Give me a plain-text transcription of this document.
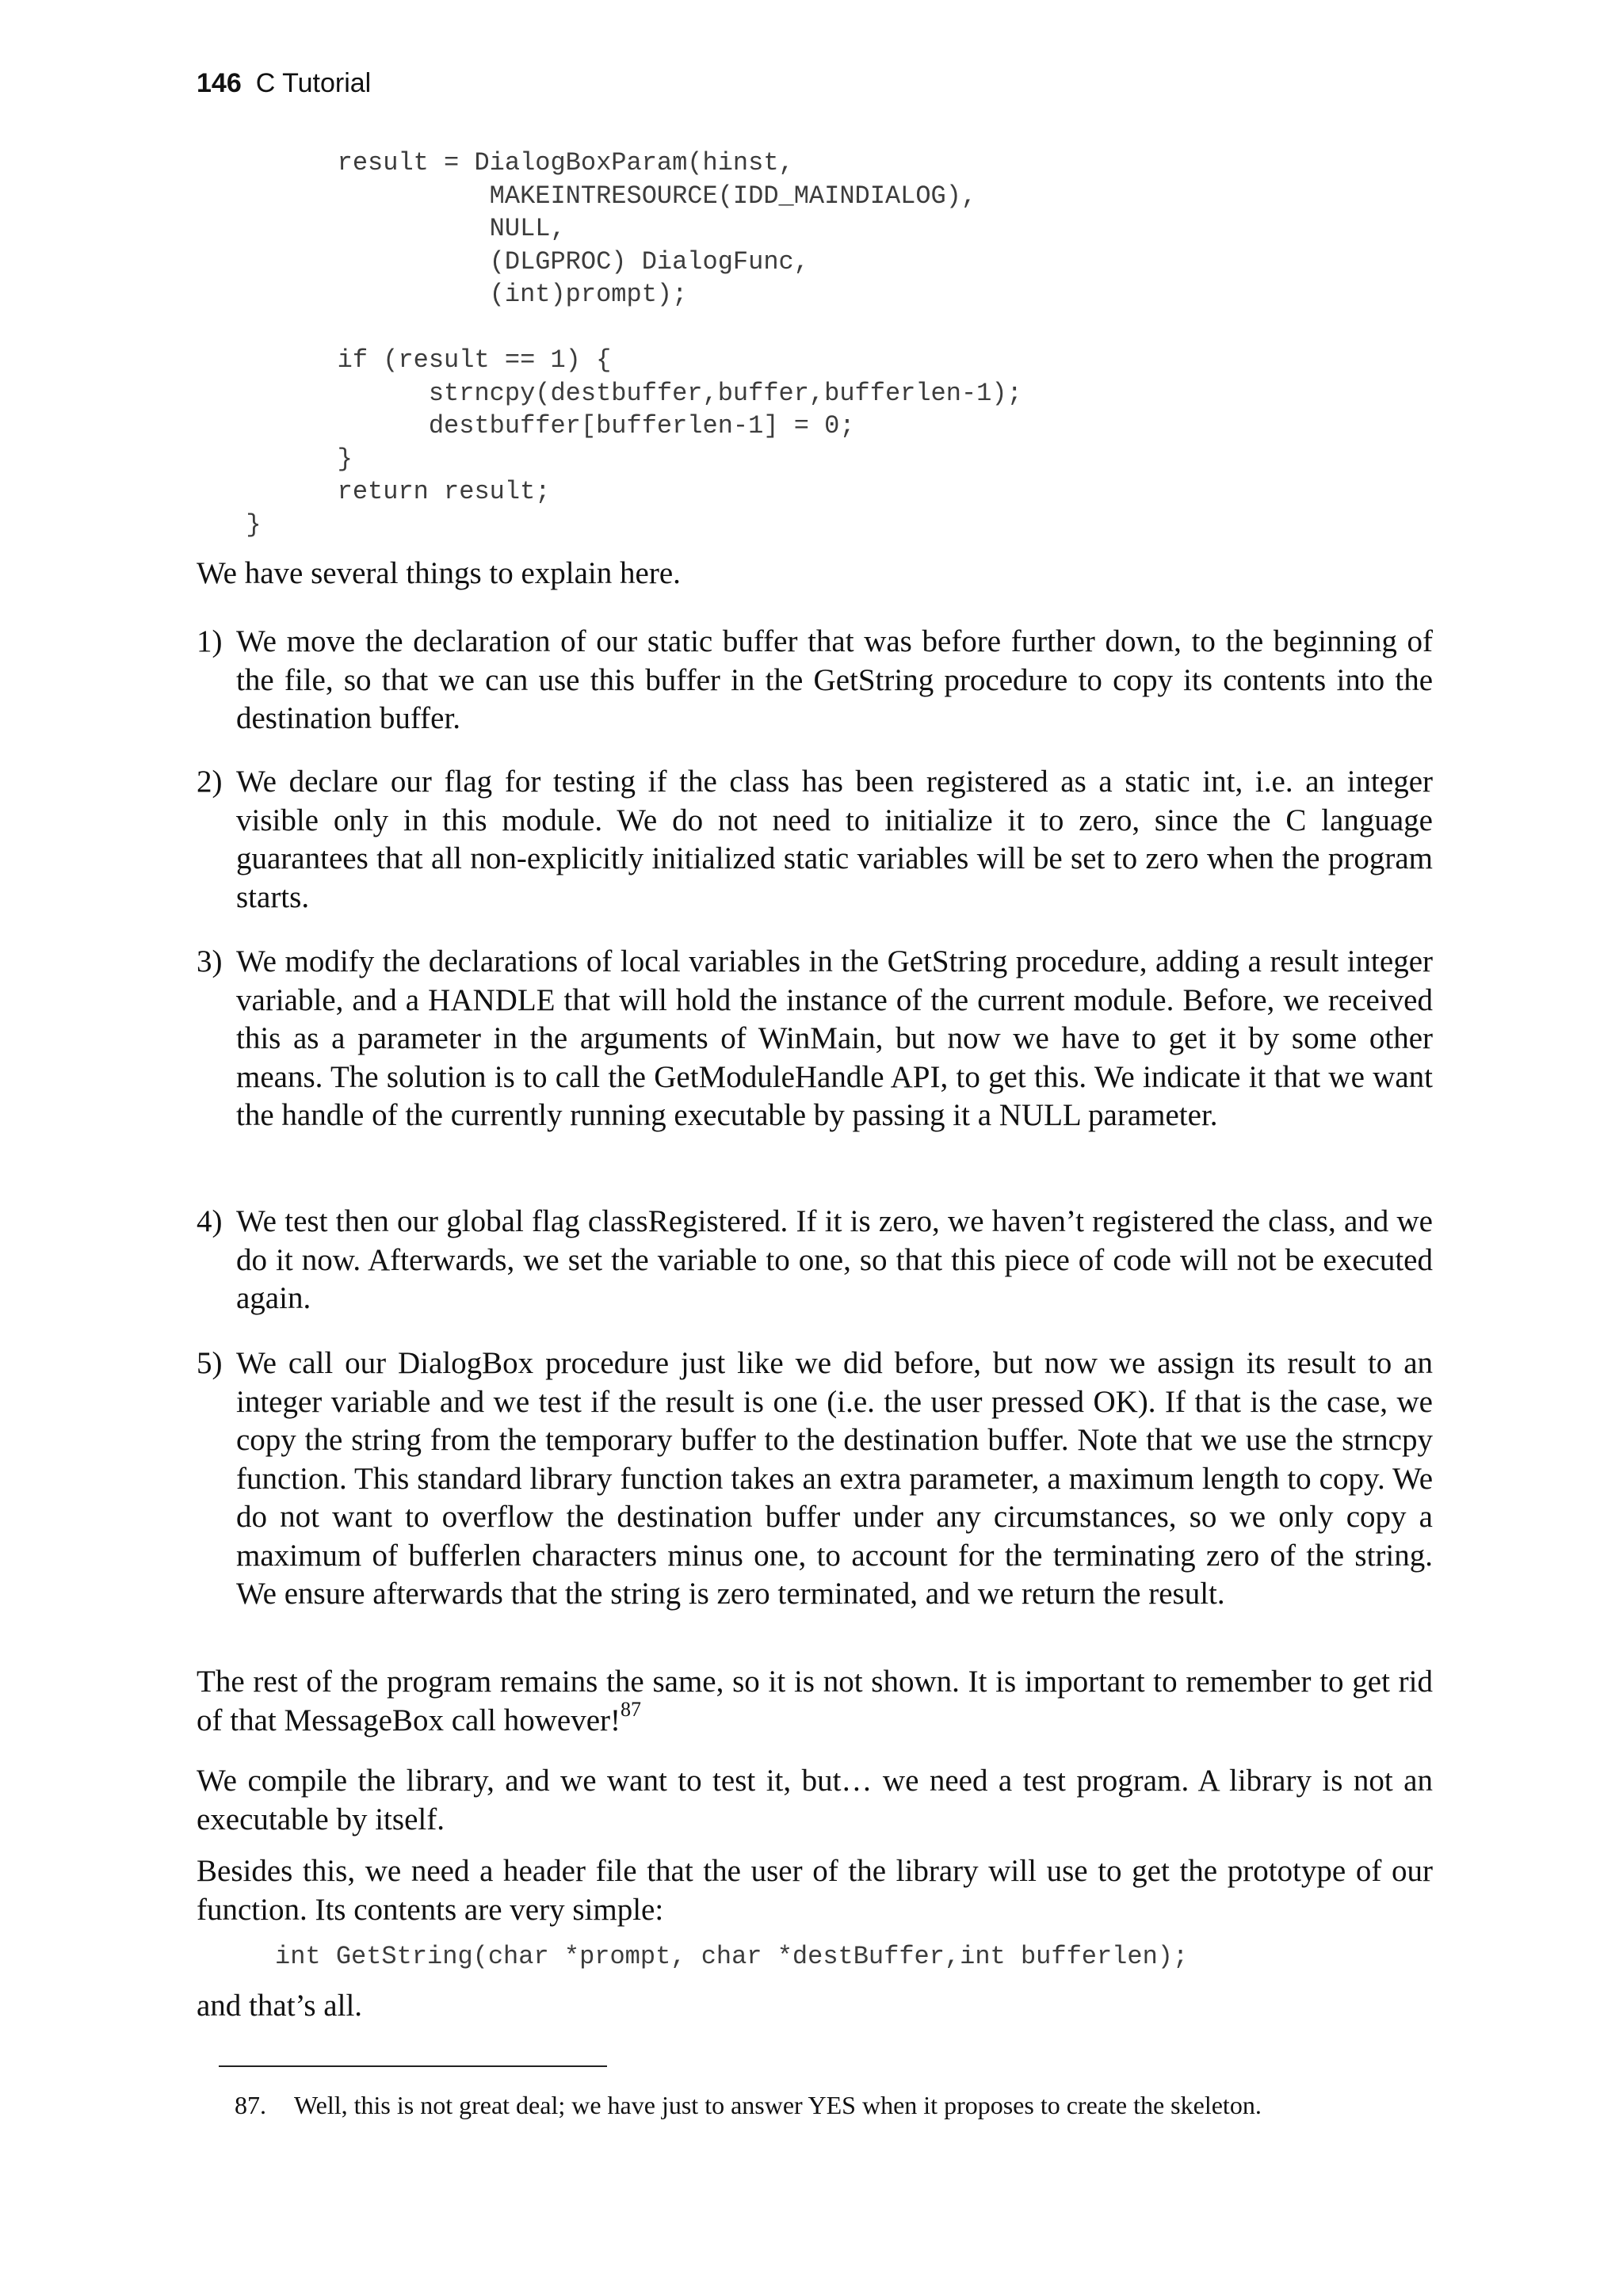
146 C Tutorial
result = DialogBoxParam(hinst,
MAKEINTRESOURCE(IDD_MAINDIALOG),
NULL,
(DLGPROC) DialogFunc,
(int)prompt);

if (result == 1) {
strncpy(destbuffer,buffer,bufferlen-1);
destbuffer[bufferlen-1] = 0;
}
return result;
}

We have several things to explain here.

1) We move the declaration of our static buffer that was before further down, to the beginning of the file, so that we can use this buffer in the GetString procedure to copy its contents into the destination buffer.
2) We declare our flag for testing if the class has been registered as a static int, i.e. an integer visible only in this module. We do not need to initialize it to zero, since the C language guarantees that all non-explicitly initialized static variables will be set to zero when the program starts.
3) We modify the declarations of local variables in the GetString procedure, adding a result integer variable, and a HANDLE that will hold the instance of the current module. Before, we received this as a parameter in the arguments of WinMain, but now we have to get it by some other means. The solution is to call the GetModuleHandle API, to get this. We indicate it that we want the handle of the currently running executable by passing it a NULL parameter.
4) We test then our global flag classRegistered. If it is zero, we haven’t registered the class, and we do it now. Afterwards, we set the variable to one, so that this piece of code will not be executed again.
5) We call our DialogBox procedure just like we did before, but now we assign its result to an integer variable and we test if the result is one (i.e. the user pressed OK). If that is the case, we copy the string from the temporary buffer to the destination buffer. Note that we use the strncpy function. This standard library function takes an extra parameter, a maximum length to copy. We do not want to overflow the destination buffer under any circumstances, so we only copy a maximum of bufferlen characters minus one, to account for the terminating zero of the string. We ensure afterwards that the string is zero terminated, and we return the result.

The rest of the program remains the same, so it is not shown. It is important to remember to get rid of that MessageBox call however!$^{87}$

We compile the library, and we want to test it, but… we need a test program. A library is not an executable by itself.

Besides this, we need a header file that the user of the library will use to get the prototype of our function. Its contents are very simple:

int GetString(char *prompt, char *destBuffer,int bufferlen);

and that’s all.

87. Well, this is not great deal; we have just to answer YES when it proposes to create the skeleton.
